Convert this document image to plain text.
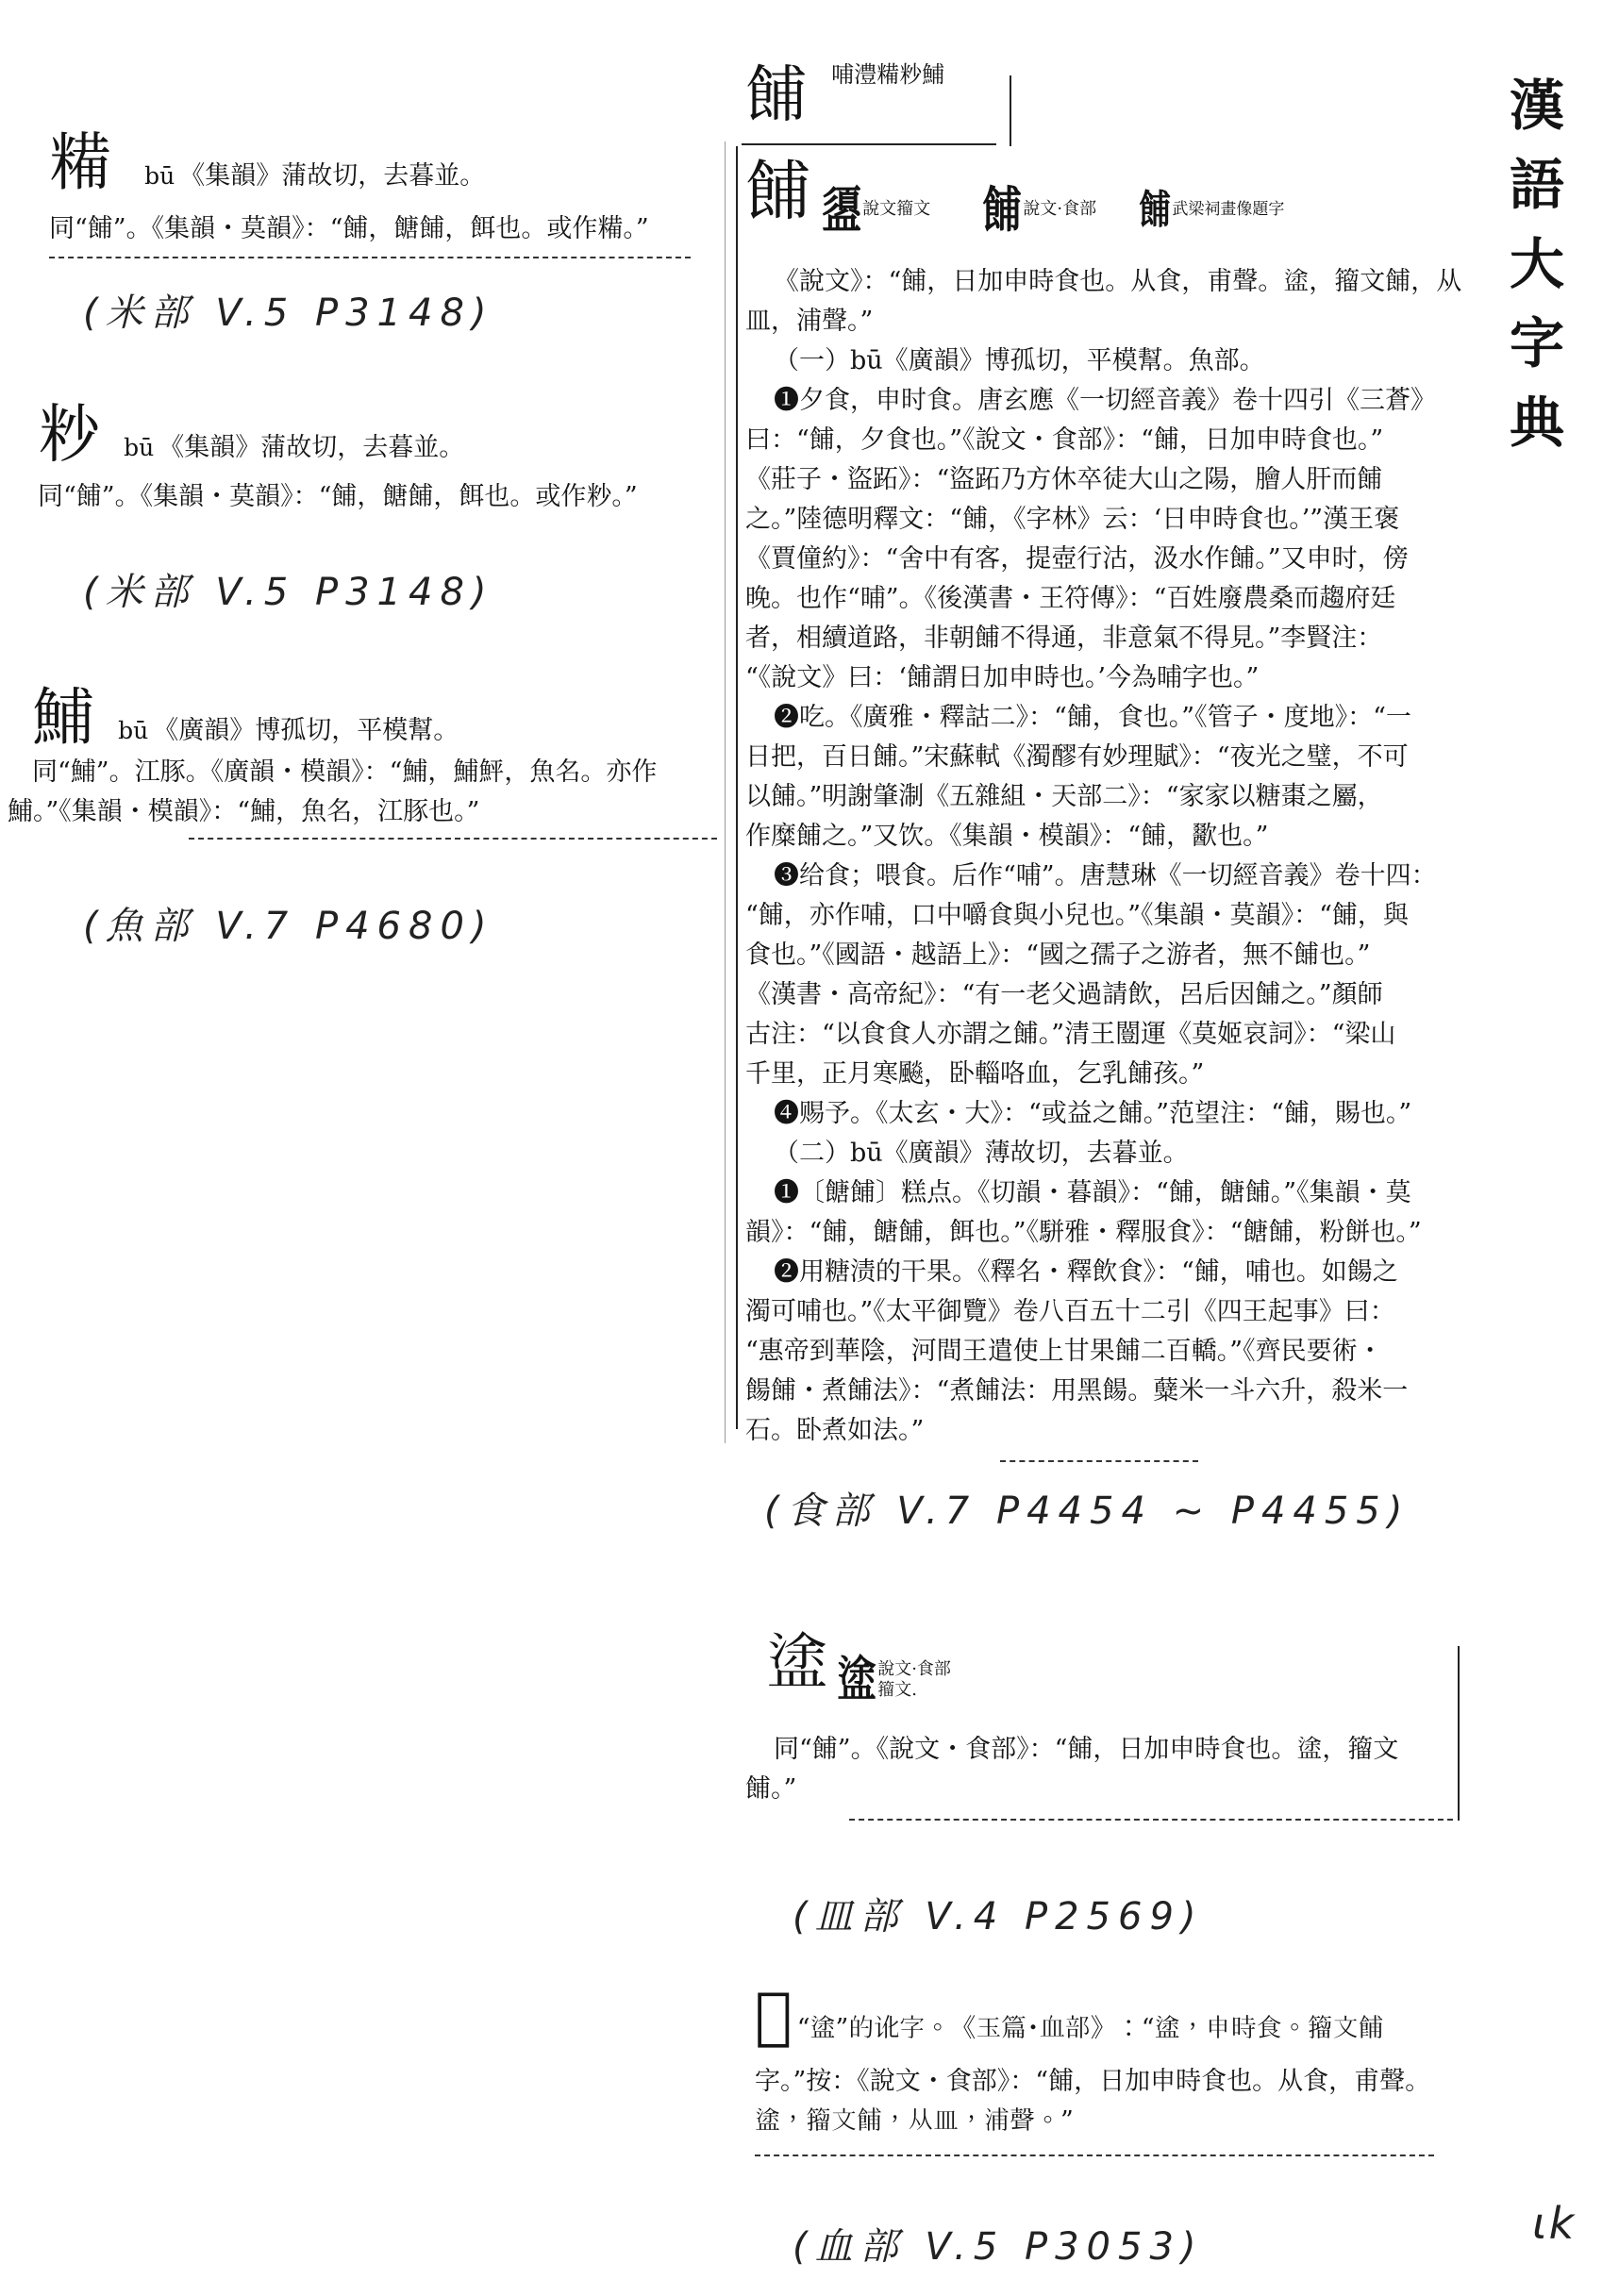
漢
語
大
字
典
糒 bū 《集韻》蒲故切，去暮並。
同“餔”。《集韻・莫韻》：“餔，餹餔，餌也。或作糒。”
(米部 V.5 P3148)
粆 bū 《集韻》蒲故切，去暮並。
同“餔”。《集韻・莫韻》：“餔，餹餔，餌也。或作粆。”
(米部 V.5 P3148)
鯆 bū 《廣韻》博孤切，平模幫。
同“鯆”。江豚。《廣韻・模韻》：“鯆，鯆鮃，魚名。亦作
鯆。”《集韻・模韻》：“鯆，魚名，江豚也。”
(魚部 V.7 P4680)
餔 哺澧糒粆鯆
餔 盨 說文籀文 餔 說文·食部 餔 武梁祠畫像題字

《說文》：“餔，日加申時食也。从食，甫聲。𥂋，籀文餔，从

皿，浦聲。”

（一）bū《廣韻》博孤切，平模幫。魚部。

❶夕食，申时食。唐玄應《一切經音義》卷十四引《三蒼》

曰：“餔，夕食也。”《說文・食部》：“餔，日加申時食也。”

《莊子・盜跖》：“盜跖乃方休卒徒大山之陽，膾人肝而餔

之。”陸德明釋文：“餔，《字林》云：‘日申時食也。’”漢王褒

《賈僮約》：“舍中有客，提壺行沽，汲水作餔。”又申时，傍

晚。也作“晡”。《後漢書・王符傳》：“百姓廢農桑而趨府廷

者，相續道路，非朝餔不得通，非意氣不得見。”李賢注：

“《說文》曰：‘餔謂日加申時也。’今為晡字也。”

❷吃。《廣雅・釋詁二》：“餔，食也。”《管子・度地》：“一

日把，百日餔。”宋蘇軾《濁醪有妙理賦》：“夜光之璧，不可

以餔。”明謝肇淛《五雜組・天部二》：“家家以糖棗之屬，

作糜餔之。”又饮。《集韻・模韻》：“餔，歠也。”

❸给食；喂食。后作“哺”。唐慧琳《一切經音義》卷十四：

“餔，亦作哺，口中嚼食與小兒也。”《集韻・莫韻》：“餔，與

食也。”《國語・越語上》：“國之孺子之游者，無不餔也。”

《漢書・高帝紀》：“有一老父過請飲，呂后因餔之。”顏師

古注：“以食食人亦謂之餔。”清王闓運《莫姬哀詞》：“梁山

千里，正月寒飈，卧輜咯血，乞乳餔孩。”

❹赐予。《太玄・大》：“或益之餔。”范望注：“餔，賜也。”

（二）bū《廣韻》薄故切，去暮並。

❶〔餹餔〕糕点。《切韻・暮韻》：“餔，餹餔。”《集韻・莫

韻》：“餔，餹餔，餌也。”《駢雅・釋服食》：“餹餔，粉餅也。”

❷用糖渍的干果。《釋名・釋飲食》：“餔，哺也。如餳之

濁可哺也。”《太平御覽》卷八百五十二引《四王起事》曰：

“惠帝到華陰，河間王遣使上甘果餔二百轎。”《齊民要術・

餳餔・煮餔法》：“煮餔法：用黑餳。糵米一斗六升，殺米一

石。卧煮如法。”

(食部 V.7 P4454 ~ P4455)
𥂋 𥂋 說文·食部
籀文.
同“餔”。《說文・食部》：“餔，日加申時食也。𥂋，籀文
餔。”
(皿部 V.4 P2569)
𥃄 “𥂋”的讹字。《玉篇・血部》：“𥂋，申時食。籀文餔
字。”按：《說文・食部》：“餔，日加申時食也。从食，甫聲。
𥂋，籀文餔，从皿，浦聲。”
(血部 V.5 P3053)	ιk
